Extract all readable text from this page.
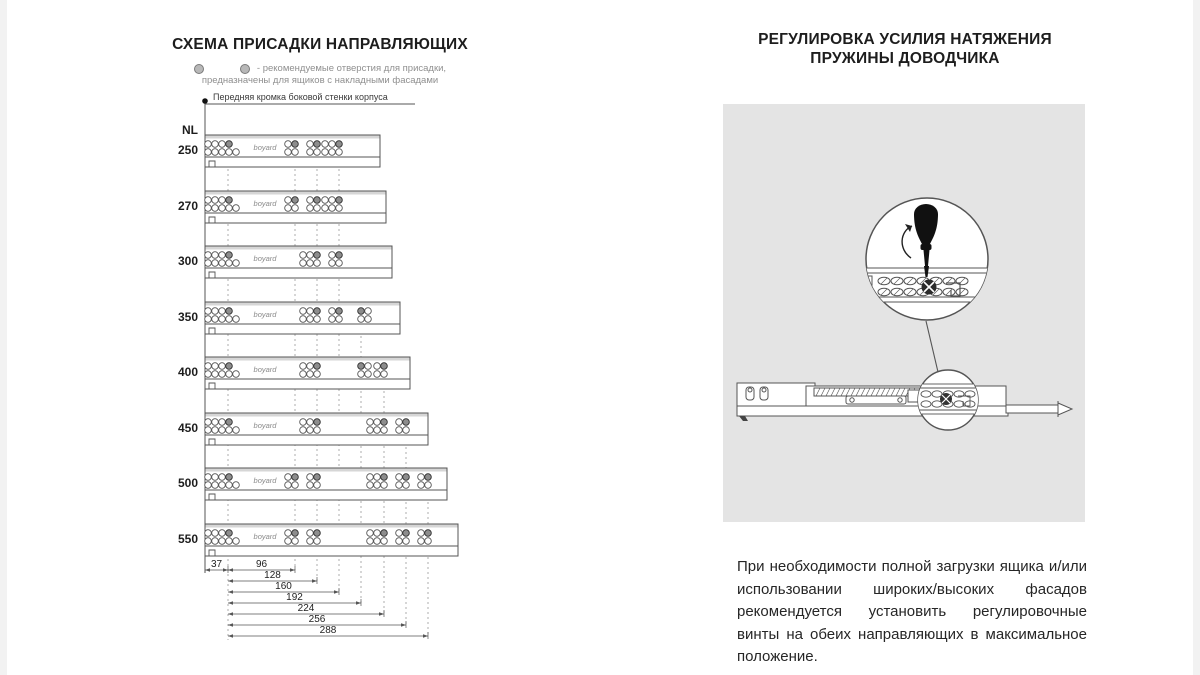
СХЕМА ПРИСАДКИ НАПРАВЛЯЮЩИХ
- рекомендуемые отверстия для присадки,
предназначены для ящиков с накладными фасадами
Передняя кромка боковой стенки корпуса
NL
boyard
250
boyard
270
boyard
300
boyard
350
boyard
400
boyard
450
boyard
500
boyard
550
37	96
128
160
192
224
256
288
РЕГУЛИРОВКА УСИЛИЯ НАТЯЖЕНИЯ
ПРУЖИНЫ ДОВОДЧИКА
При необходимости полной загрузки ящика и/или использовании широких/высоких фасадов рекомендуется установить регулировочные винты на обеих направляющих в максимальное положение.
